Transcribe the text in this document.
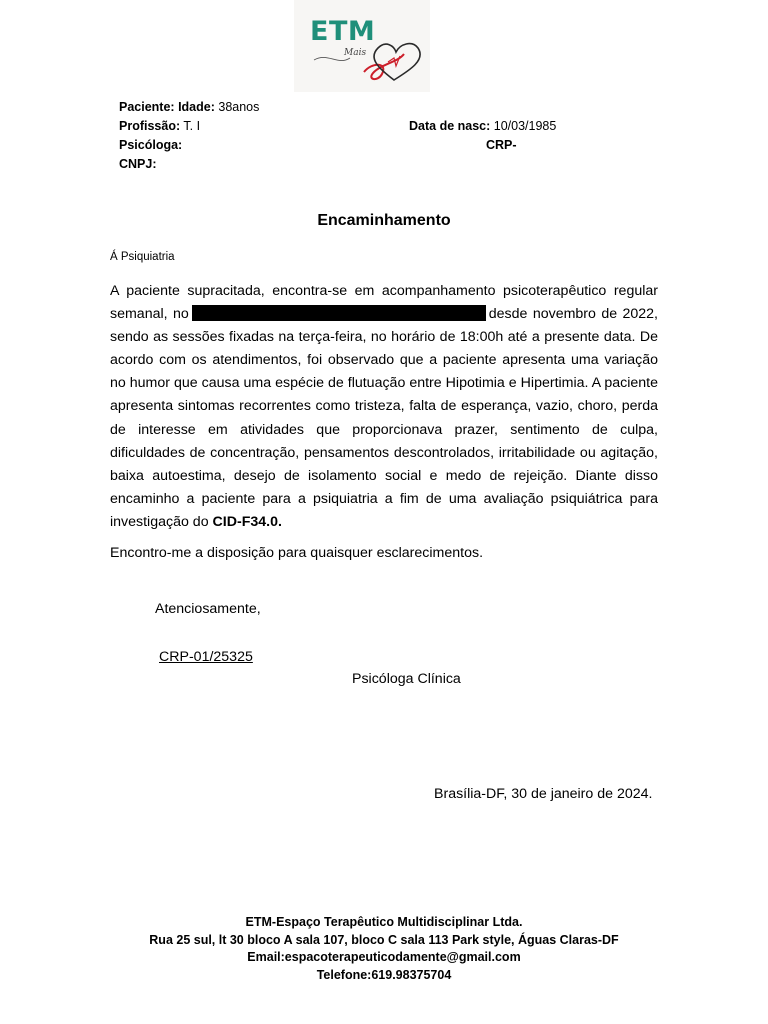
ETM
Mais
Paciente: Idade: 38anos
Profissão: T. I	Data de nasc: 10/03/1985
Psicóloga:	CRP-
CNPJ:
Encaminhamento
Á Psiquiatria
A paciente supracitada, encontra-se em acompanhamento psicoterapêutico regular semanal, no	desde novembro de 2022, sendo as sessões fixadas na terça-feira, no horário de 18:00h até a presente data. De acordo com os atendimentos, foi observado que a paciente apresenta uma variação no humor que causa uma espécie de flutuação entre Hipotimia e Hipertimia. A paciente apresenta sintomas recorrentes como tristeza, falta de esperança, vazio, choro, perda de interesse em atividades que proporcionava prazer, sentimento de culpa, dificuldades de concentração, pensamentos descontrolados, irritabilidade ou agitação, baixa autoestima, desejo de isolamento social e medo de rejeição. Diante disso encaminho a paciente para a psiquiatria a fim de uma avaliação psiquiátrica para investigação do CID-F34.0.
Encontro-me a disposição para quaisquer esclarecimentos.
Atenciosamente,
CRP-01/25325
Psicóloga Clínica
Brasília-DF, 30 de janeiro de 2024.
ETM-Espaço Terapêutico Multidisciplinar Ltda.
Rua 25 sul, lt 30 bloco A sala 107, bloco C sala 113 Park style, Águas Claras-DF
Email:espacoterapeuticodamente@gmail.com
Telefone:619.98375704
